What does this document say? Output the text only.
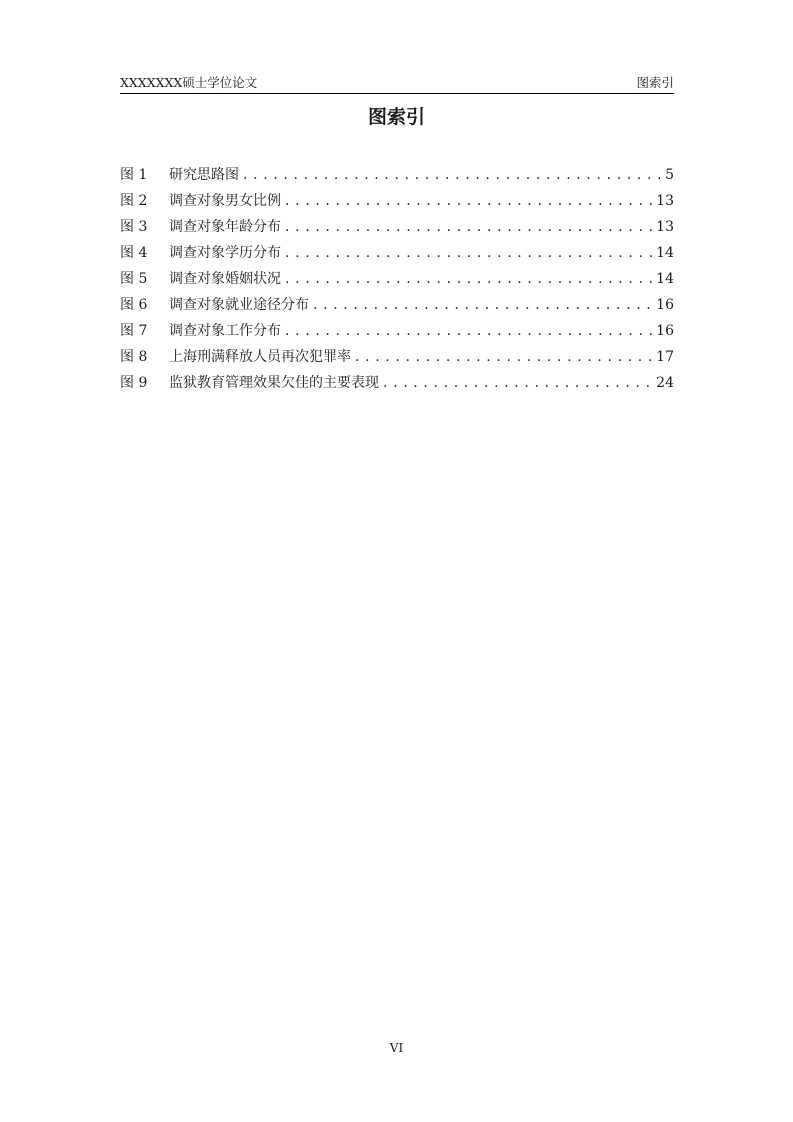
XXXXXXX硕士学位论文	图索引
图索引
图 1	研究思路图 . . .	5
图 2	调查对象男女比例 . . .	13
图 3	调查对象年龄分布 . . .	13
图 4	调查对象学历分布 . . .	14
图 5	调查对象婚姻状况 . . .	14
图 6	调查对象就业途径分布 . . .	16
图 7	调查对象工作分布 . . .	16
图 8	上海刑满释放人员再次犯罪率 . . .	17
图 9	监狱教育管理效果欠佳的主要表现 . . .	24
VI
